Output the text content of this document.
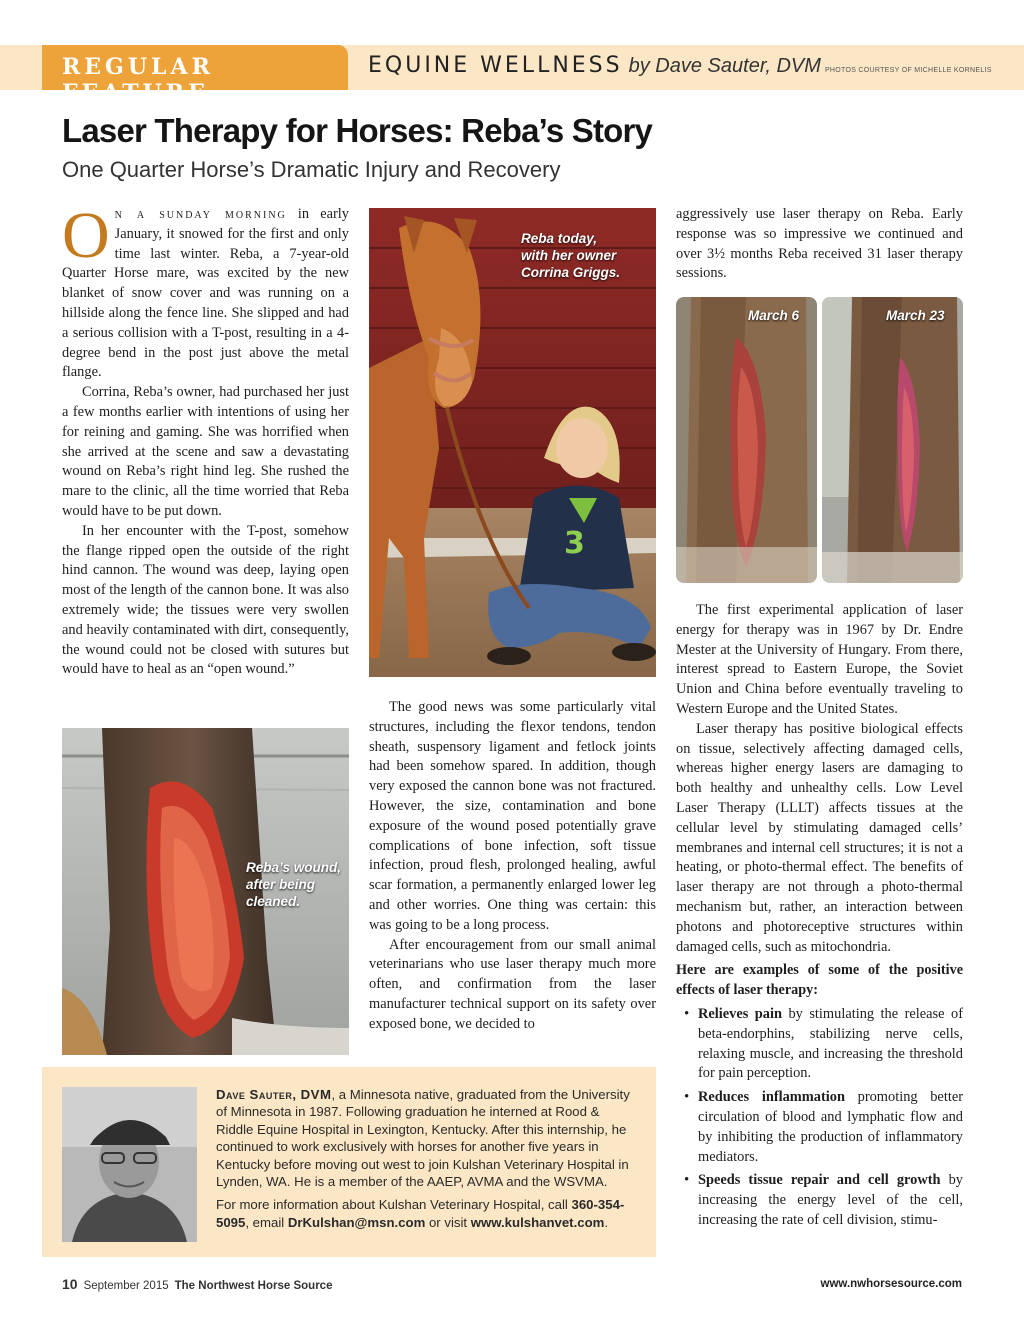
REGULAR FEATURE
EQUINE WELLNESS by Dave Sauter, DVM PHOTOS COURTESY OF MICHELLE KORNELIS
Laser Therapy for Horses: Reba’s Story
One Quarter Horse’s Dramatic Injury and Recovery

On a sunday morning in early January, it snowed for the first and only time last winter. Reba, a 7-year-old Quarter Horse mare, was excited by the new blanket of snow cover and was running on a hillside along the fence line. She slipped and had a serious collision with a T-post, resulting in a 4-degree bend in the post just above the metal flange.

Corrina, Reba’s owner, had purchased her just a few months earlier with intentions of using her for reining and gaming. She was horrified when she arrived at the scene and saw a devastating wound on Reba’s right hind leg. She rushed the mare to the clinic, all the time worried that Reba would have to be put down.

In her encounter with the T-post, somehow the flange ripped open the outside of the right hind cannon. The wound was deep, laying open most of the length of the cannon bone. It was also extremely wide; the tissues were very swollen and heavily contaminated with dirt, consequently, the wound could not be closed with sutures but would have to heal as an “open wound.”

Reba’s wound,
after being
cleaned.
3
Reba today,
with her owner
Corrina Griggs.

The good news was some particularly vital structures, including the flexor tendons, tendon sheath, suspensory ligament and fetlock joints had been somehow spared. In addition, though very exposed the cannon bone was not fractured. However, the size, contamination and bone exposure of the wound posed potentially grave complications of bone infection, soft tissue infection, proud flesh, prolonged healing, awful scar formation, a permanently enlarged lower leg and other worries. One thing was certain: this was going to be a long process.

After encouragement from our small animal veterinarians who use laser therapy much more often, and confirmation from the laser manufacturer technical support on its safety over exposed bone, we decided to

aggressively use laser therapy on Reba. Early response was so impressive we continued and over 3½ months Reba received 31 laser therapy sessions.

March 6	March 23

The first experimental application of laser energy for therapy was in 1967 by Dr. Endre Mester at the University of Hungary. From there, interest spread to Eastern Europe, the Soviet Union and China before eventually traveling to Western Europe and the United States.

Laser therapy has positive biological effects on tissue, selectively affecting damaged cells, whereas higher energy lasers are damaging to both healthy and unhealthy cells. Low Level Laser Therapy (LLLT) affects tissues at the cellular level by stimulating damaged cells’ membranes and internal cell structures; it is not a heating, or photo-thermal effect. The benefits of laser therapy are not through a photo-thermal mechanism but, rather, an interaction between photons and photoreceptive structures within damaged cells, such as mitochondria.

Here are examples of some of the positive effects of laser therapy:

• Relieves pain by stimulating the release of beta-endorphins, stabilizing nerve cells, relaxing muscle, and increasing the threshold for pain perception.
• Reduces inflammation promoting better circulation of blood and lymphatic flow and by inhibiting the production of inflammatory mediators.
• Speeds tissue repair and cell growth by increasing the energy level of the cell, increasing the rate of cell division, stimu-

Dave Sauter, DVM, a Minnesota native, graduated from the University of Minnesota in 1987. Following graduation he interned at Rood & Riddle Equine Hospital in Lexington, Kentucky. After this internship, he continued to work exclusively with horses for another five years in Kentucky before moving out west to join Kulshan Veterinary Hospital in Lynden, WA. He is a member of the AAEP, AVMA and the WSVMA.

For more information about Kulshan Veterinary Hospital, call 360-354-5095, email DrKulshan@msn.com or visit www.kulshanvet.com.

10 September 2015 The Northwest Horse Source	www.nwhorsesource.com
